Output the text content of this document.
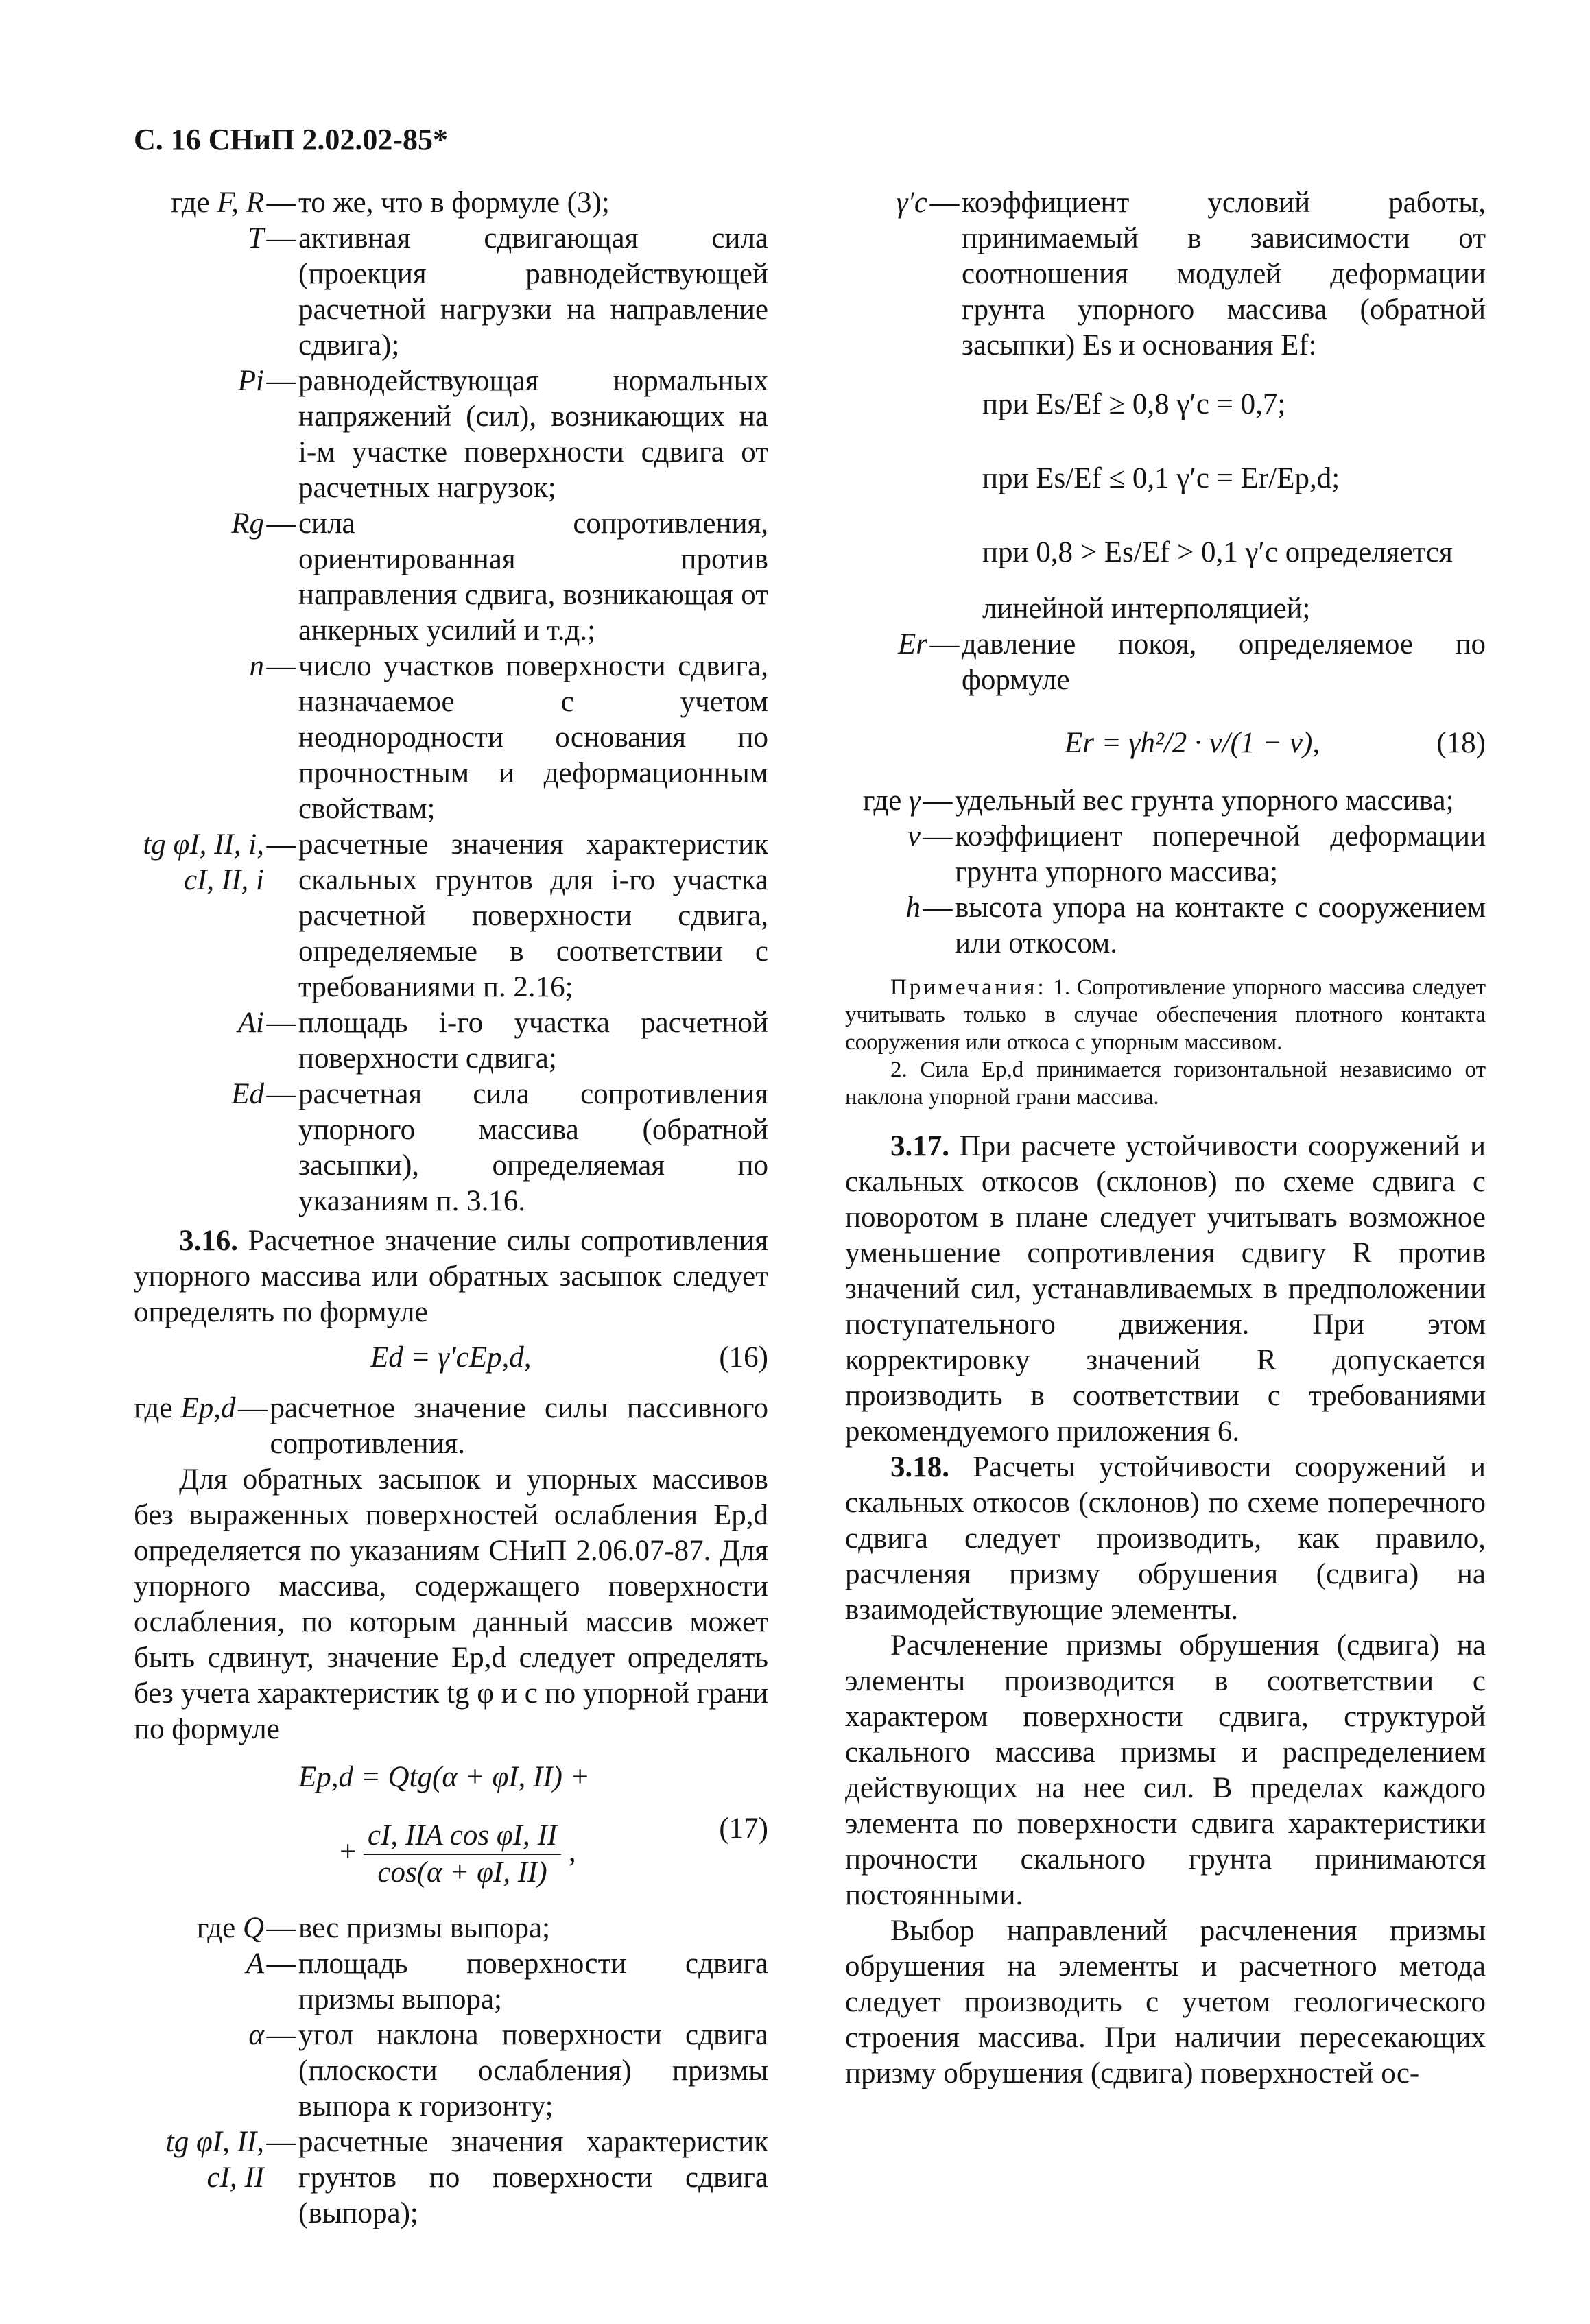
С. 16 СНиП 2.02.02-85*
где F, R — то же, что в формуле (3);
T — активная сдвигающая сила (проекция равнодействующей расчетной нагрузки на направление сдвига);
Pi — равнодействующая нормальных напряжений (сил), возникающих на i-м участке поверхности сдвига от расчетных нагрузок;
Rg — сила сопротивления, ориентированная против направления сдвига, возникающая от анкерных усилий и т.д.;
n — число участков поверхности сдвига, назначаемое с учетом неоднородности основания по прочностным и деформационным свойствам;
tg φI, II, i, cI, II, i
— расчетные значения характеристик скальных грунтов для i-го участка расчетной поверхности сдвига, определяемые в соответствии с требованиями п. 2.16;
Ai — площадь i-го участка расчетной поверхности сдвига;
Ed — расчетная сила сопротивления упорного массива (обратной засыпки), определяемая по указаниям п. 3.16.

3.16. Расчетное значение силы сопротивления упорного массива или обратных засыпок следует определять по формуле

Ed = γ′cEp,d,	(16)
где Ep,d — расчетное значение силы пассивного сопротивления.

Для обратных засыпок и упорных массивов без выраженных поверхностей ослабления Ep,d определяется по указаниям СНиП 2.06.07-87. Для упорного массива, содержащего поверхности ослабления, по которым данный массив может быть сдвинут, значение Ep,d следует определять без учета характеристик tg φ и c по упорной грани по формуле

Ep,d = Qtg(α + φI, II) +
+ $\frac{\text{cI, IIA cos φI, II}}{\cos(\alpha + \varphi I, II)}$ ,
(17)
где Q — вес призмы выпора;
A — площадь поверхности сдвига призмы выпора;
α — угол наклона поверхности сдвига (плоскости ослабления) призмы выпора к горизонту;
tg φI, II, cI, II
— расчетные значения характеристик грунтов по поверхности сдвига (выпора);
γ′c — коэффициент условий работы, принимаемый в зависимости от соотношения модулей деформации грунта упорного массива (обратной засыпки) Es и основания Ef:
при Es/Ef ≥ 0,8 γ′c = 0,7;
при Es/Ef ≤ 0,1 γ′c = Er/Ep,d;
при 0,8 > Es/Ef > 0,1 γ′c определяется
линейной интерполяцией;
Er — давление покоя, определяемое по формуле
Er = γh²/2 · ν/(1 − ν),	(18)
где γ — удельный вес грунта упорного массива;
ν — коэффициент поперечной деформации грунта упорного массива;
h — высота упора на контакте с сооружением или откосом.

Примечания: 1. Сопротивление упорного массива следует учитывать только в случае обеспечения плотного контакта сооружения или откоса с упорным массивом.

2. Сила Ep,d принимается горизонтальной независимо от наклона упорной грани массива.

3.17. При расчете устойчивости сооружений и скальных откосов (склонов) по схеме сдвига с поворотом в плане следует учитывать возможное уменьшение сопротивления сдвигу R против значений сил, устанавливаемых в предположении поступательного движения. При этом корректировку значений R допускается производить в соответствии с требованиями рекомендуемого приложения 6.

3.18. Расчеты устойчивости сооружений и скальных откосов (склонов) по схеме поперечного сдвига следует производить, как правило, расчленяя призму обрушения (сдвига) на взаимодействующие элементы.

Расчленение призмы обрушения (сдвига) на элементы производится в соответствии с характером поверхности сдвига, структурой скального массива призмы и распределением действующих на нее сил. В пределах каждого элемента по поверхности сдвига характеристики прочности скального грунта принимаются постоянными.

Выбор направлений расчленения призмы обрушения на элементы и расчетного метода следует производить с учетом геологического строения массива. При наличии пересекающих призму обрушения (сдвига) поверхностей ос-
